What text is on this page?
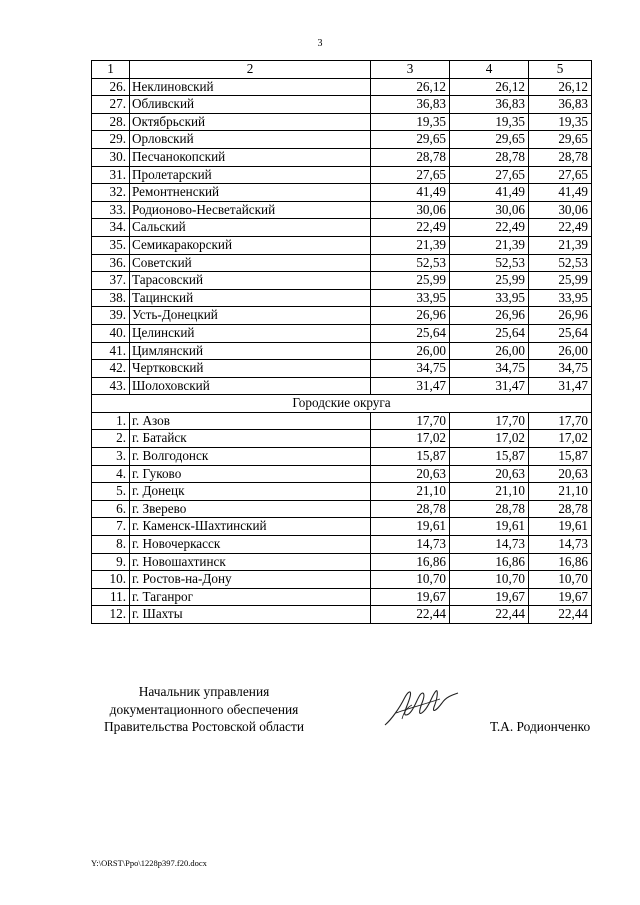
3
1	2	3	4	5
26.	Неклиновский	26,12	26,12	26,12
27.	Обливский	36,83	36,83	36,83
28.	Октябрьский	19,35	19,35	19,35
29.	Орловский	29,65	29,65	29,65
30.	Песчанокопский	28,78	28,78	28,78
31.	Пролетарский	27,65	27,65	27,65
32.	Ремонтненский	41,49	41,49	41,49
33.	Родионово-Несветайский	30,06	30,06	30,06
34.	Сальский	22,49	22,49	22,49
35.	Семикаракорский	21,39	21,39	21,39
36.	Советский	52,53	52,53	52,53
37.	Тарасовский	25,99	25,99	25,99
38.	Тацинский	33,95	33,95	33,95
39.	Усть-Донецкий	26,96	26,96	26,96
40.	Целинский	25,64	25,64	25,64
41.	Цимлянский	26,00	26,00	26,00
42.	Чертковский	34,75	34,75	34,75
43.	Шолоховский	31,47	31,47	31,47
Городские округа				
1.	г. Азов	17,70	17,70	17,70
2.	г. Батайск	17,02	17,02	17,02
3.	г. Волгодонск	15,87	15,87	15,87
4.	г. Гуково	20,63	20,63	20,63
5.	г. Донецк	21,10	21,10	21,10
6.	г. Зверево	28,78	28,78	28,78
7.	г. Каменск-Шахтинский	19,61	19,61	19,61
8.	г. Новочеркасск	14,73	14,73	14,73
9.	г. Новошахтинск	16,86	16,86	16,86
10.	г. Ростов-на-Дону	10,70	10,70	10,70
11.	г. Таганрог	19,67	19,67	19,67
12.	г. Шахты	22,44	22,44	22,44
Начальник управления
документационного обеспечения
Правительства Ростовской области	Т.А. Родионченко
Y:\ORST\Ppo\1228p397.f20.docx
